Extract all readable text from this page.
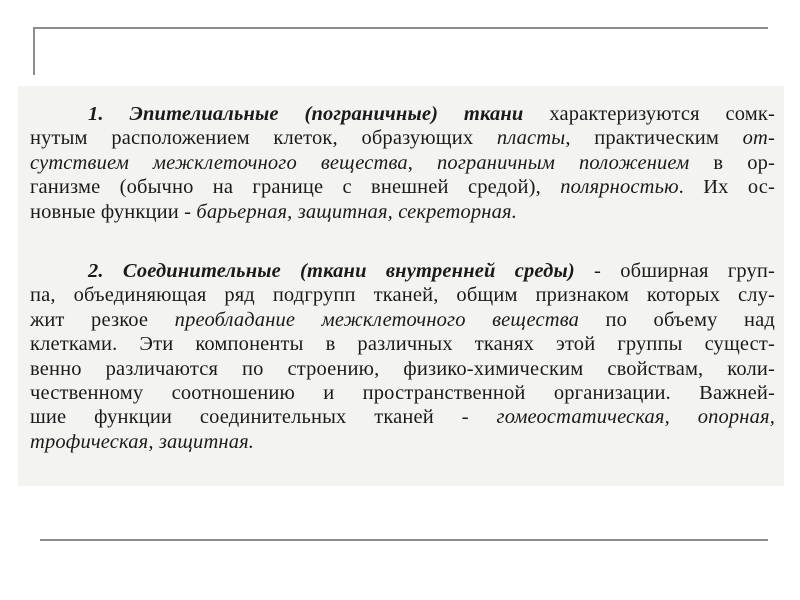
1. Эпителиальные (пограничные) ткани характеризуются сомк-
нутым расположением клеток, образующих пласты, практическим от-
сутствием межклеточного вещества, пограничным положением в ор-
ганизме (обычно на границе с внешней средой), полярностью. Их ос-
новные функции - барьерная, защитная, секреторная.
2. Соединительные (ткани внутренней среды) - обширная груп-
па, объединяющая ряд подгрупп тканей, общим признаком которых слу-
жит резкое преобладание межклеточного вещества по объему над
клетками. Эти компоненты в различных тканях этой группы сущест-
венно различаются по строению, физико-химическим свойствам, коли-
чественному соотношению и пространственной организации. Важней-
шие функции соединительных тканей - гомеостатическая, опорная,
трофическая, защитная.
